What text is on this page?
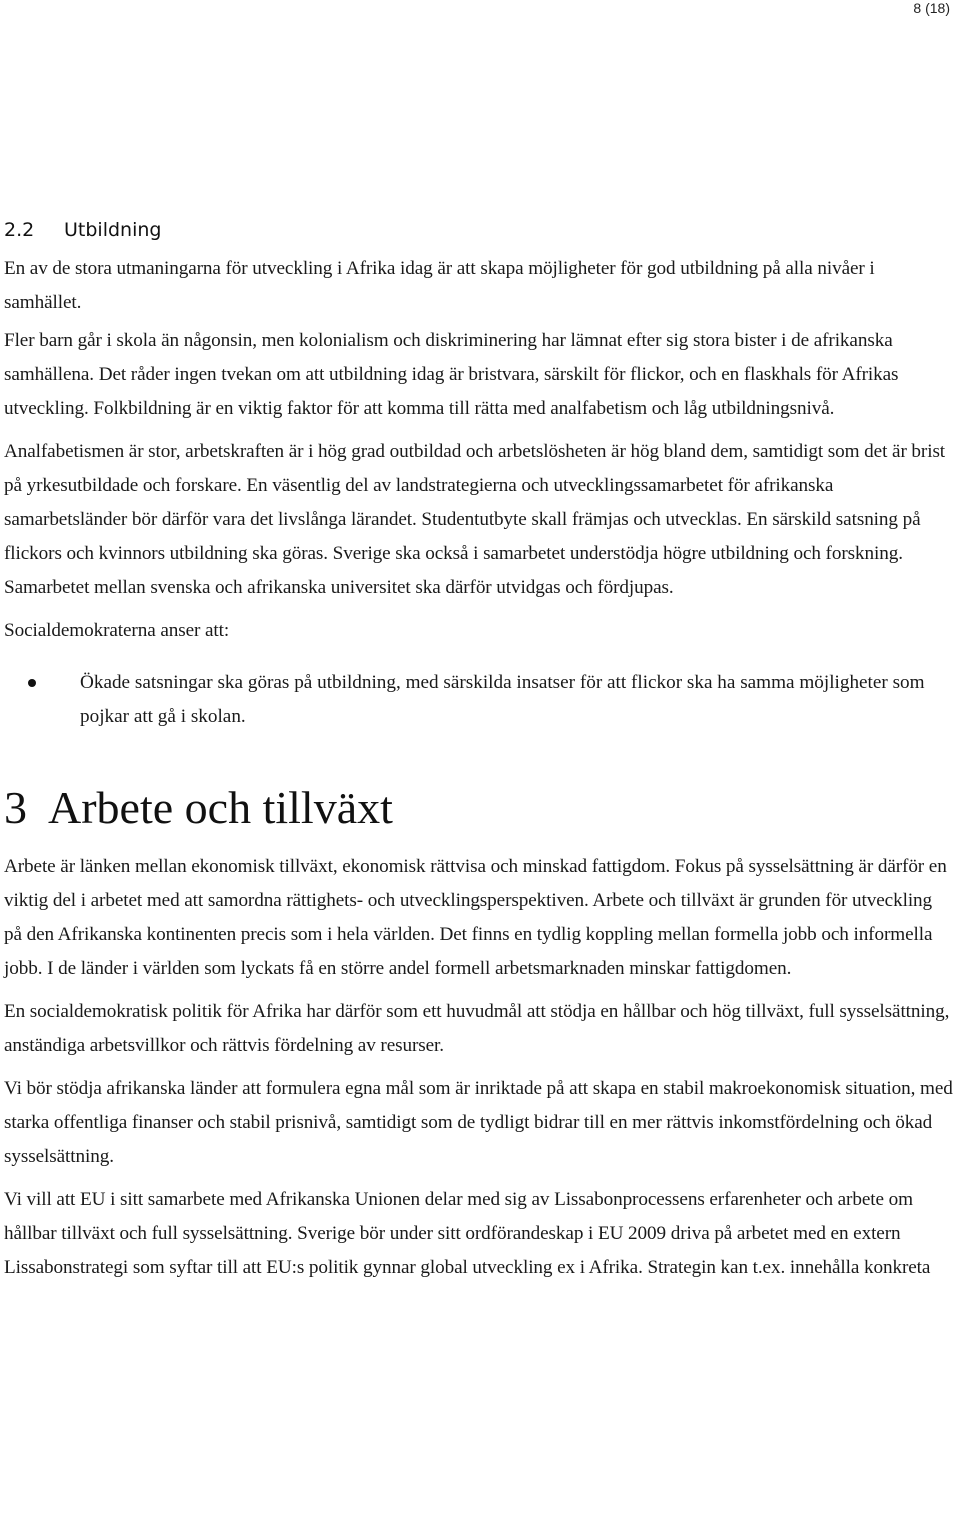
8 (18)
2.2 Utbildning

En av de stora utmaningarna för utveckling i Afrika idag är att skapa möjligheter för god utbildning på alla nivåer i samhället.

Fler barn går i skola än någonsin, men kolonialism och diskriminering har lämnat efter sig stora bister i de afrikanska samhällena. Det råder ingen tvekan om att utbildning idag är bristvara, särskilt för flickor, och en flaskhals för Afrikas utveckling. Folkbildning är en viktig faktor för att komma till rätta med analfabetism och låg utbildningsnivå.

Analfabetismen är stor, arbetskraften är i hög grad outbildad och arbetslösheten är hög bland dem, samtidigt som det är brist på yrkesutbildade och forskare. En väsentlig del av landstrategierna och utvecklingssamarbetet för afrikanska samarbetsländer bör därför vara det livslånga lärandet. Studentutbyte skall främjas och utvecklas. En särskild satsning på flickors och kvinnors utbildning ska göras. Sverige ska också i samarbetet understödja högre utbildning och forskning. Samarbetet mellan svenska och afrikanska universitet ska därför utvidgas och fördjupas.

Socialdemokraterna anser att:

Ökade satsningar ska göras på utbildning, med särskilda insatser för att flickor ska ha samma möjligheter som pojkar att gå i skolan.
3 Arbete och tillväxt

Arbete är länken mellan ekonomisk tillväxt, ekonomisk rättvisa och minskad fattigdom. Fokus på sysselsättning är därför en viktig del i arbetet med att samordna rättighets- och utvecklingsperspektiven. Arbete och tillväxt är grunden för utveckling på den Afrikanska kontinenten precis som i hela världen. Det finns en tydlig koppling mellan formella jobb och informella jobb. I de länder i världen som lyckats få en större andel formell arbetsmarknaden minskar fattigdomen.

En socialdemokratisk politik för Afrika har därför som ett huvudmål att stödja en hållbar och hög tillväxt, full sysselsättning, anständiga arbetsvillkor och rättvis fördelning av resurser.

Vi bör stödja afrikanska länder att formulera egna mål som är inriktade på att skapa en stabil makroekonomisk situation, med starka offentliga finanser och stabil prisnivå, samtidigt som de tydligt bidrar till en mer rättvis inkomstfördelning och ökad sysselsättning.

Vi vill att EU i sitt samarbete med Afrikanska Unionen delar med sig av Lissabonprocessens erfarenheter och arbete om hållbar tillväxt och full sysselsättning. Sverige bör under sitt ordförandeskap i EU 2009 driva på arbetet med en extern Lissabonstrategi som syftar till att EU:s politik gynnar global utveckling ex i Afrika. Strategin kan t.ex. innehålla konkreta
